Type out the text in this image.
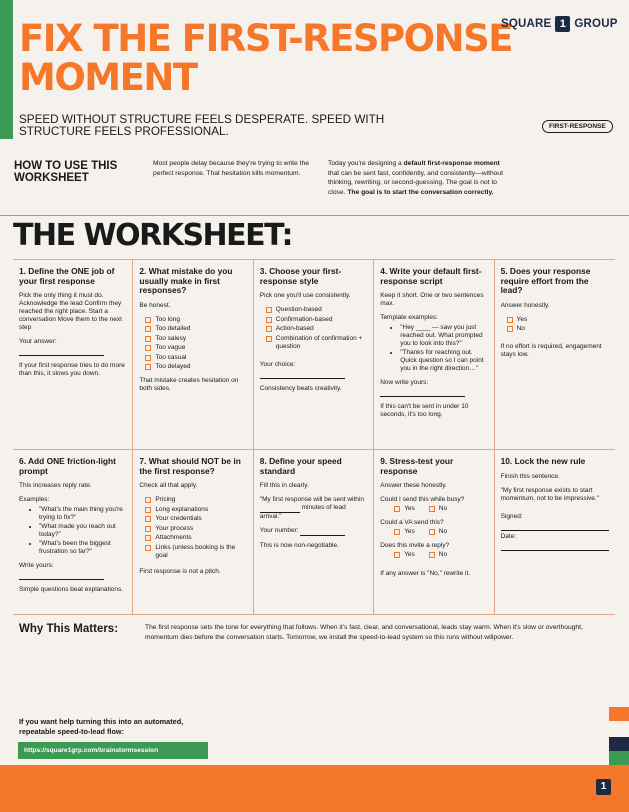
FIX THE FIRST-RESPONSE
MOMENT
SQUARE 1 GROUP
SPEED WITHOUT STRUCTURE FEELS DESPERATE. SPEED WITH STRUCTURE FEELS PROFESSIONAL.	FIRST-RESPONSE
HOW TO USE THIS WORKSHEET
Most people delay because they're trying to write the perfect response. That hesitation kills momentum.
Today you're designing a default first-response moment that can be sent fast, confidently, and consistently—without thinking, rewriting, or second-guessing. The goal is not to close. The goal is to start the conversation correctly.
THE WORKSHEET:
1. Define the ONE job of your first response

Pick the only thing it must do. Acknowledge the lead Confirm they reached the right place. Start a conversation Move them to the next step

Your answer:

If your first response tries to do more than this, it slows you down.

2. What mistake do you usually make in first responses?

Be honest.

Too long
Too detailed
Too salesy
Too vague
Too casual
Too delayed

That mistake creates hesitation on both sides.

3. Choose your first-response style

Pick one you'll use consistently.

Question-based
Confirmation-based
Action-based
Combination of confirmation + question

Your choice:

Consistency beats creativity.

4. Write your default first-response script

Keep it short. One or two sentences max.

Template examples:

• "Hey ____ — saw you just reached out. What prompted you to look into this?"
• "Thanks for reaching out. Quick question so I can point you in the right direction…"

Now write yours:

If this can't be sent in under 10 seconds, it's too long.

5. Does your response require effort from the lead?

Answer honestly.

Yes
No

If no effort is required, engagement stays low.

6. Add ONE friction-light prompt

This increases reply rate.

Examples:

• "What's the main thing you're trying to fix?"
• "What made you reach out today?"
• "What's been the biggest frustration so far?"

Write yours:

Simple questions beat explanations.

7. What should NOT be in the first response?

Check all that apply.

Pricing
Long explanations
Your credentials
Your process
Attachments
Links (unless booking is the goal

First response is not a pitch.

8. Define your speed standard

Fill this in clearly.

"My first response will be sent within   minutes of lead arrival."

Your number:

This is now non-negotiable.

9. Stress-test your response

Answer these honestly.

Could I send this while busy?

Yes	No

Could a VA send this?

Yes	No

Does this invite a reply?

Yes	No

If any answer is "No," rewrite it.

10. Lock the new rule

Finish this sentence.

"My first response exists to start momentum, not to be impressive."

Signed:

Date:

Why This Matters:	The first response sets the tone for everything that follows. When it's fast, clear, and conversational, leads stay warm. When it's slow or overthought, momentum dies before the conversation starts. Tomorrow, we install the speed-to-lead system so this runs without willpower.
If you want help turning this into an automated, repeatable speed-to-lead flow:
https://square1grp.com/brainstormsession
1
